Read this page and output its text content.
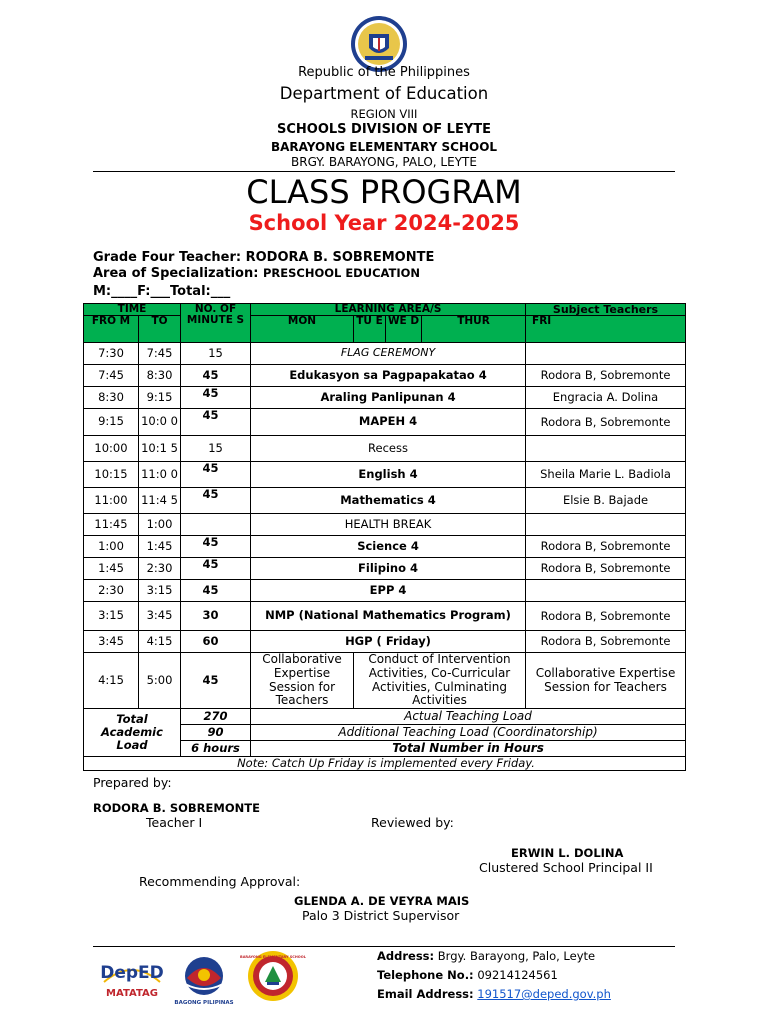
Republic of the Philippines
Department of Education
REGION VIII
SCHOOLS DIVISION OF LEYTE
BARAYONG ELEMENTARY SCHOOL
BRGY. BARAYONG, PALO, LEYTE
CLASS PROGRAM
School Year 2024-2025
Grade Four Teacher: RODORA B. SOBREMONTE
Area of Specialization: PRESCHOOL EDUCATION
M:____F:___Total:___
TIME		NO. OF MINUTE S	LEARNING AREA/S				Subject Teachers
FRO M	TO		MON	TU E	WE D	THUR	FRI
7:30	7:45	15	FLAG CEREMONY				
7:45	8:30	45	Edukasyon sa Pagpapakatao 4				Rodora B, Sobremonte
8:30	9:15	45	Araling Panlipunan 4				Engracia A. Dolina
9:15	10:0 0	45	MAPEH 4				Rodora B, Sobremonte
10:00	10:1 5	15	Recess				
10:15	11:0 0	45	English 4				Sheila Marie L. Badiola
11:00	11:4 5	45	Mathematics 4				Elsie B. Bajade
11:45	1:00		HEALTH BREAK				
1:00	1:45	45	Science 4				Rodora B, Sobremonte
1:45	2:30	45	Filipino 4				Rodora B, Sobremonte
2:30	3:15	45	EPP 4				
3:15	3:45	30	NMP (National Mathematics Program)				Rodora B, Sobremonte
3:45	4:15	60	HGP ( Friday)				Rodora B, Sobremonte
4:15	5:00	45	Collaborative Expertise Session for Teachers	Conduct of Intervention Activities, Co-Curricular Activities, Culminating Activities			Collaborative Expertise Session for Teachers
Total Academic Load		270	Actual Teaching Load				
		90	Additional Teaching Load (Coordinatorship)				
		6 hours	Total Number in Hours				
Note: Catch Up Friday is implemented every Friday.							
Prepared by:
RODORA B. SOBREMONTE
Teacher I	Reviewed by:
ERWIN L. DOLINA
Clustered School Principal II
Recommending Approval:
GLENDA A. DE VEYRA MAIS
Palo 3 District Supervisor
DepED
MATATAG
BAGONG PILIPINAS
BARAYONG ELEMENTARY SCHOOL	Address: Brgy. Barayong, Palo, Leyte
Telephone No.: 09214124561
Email Address: 191517@deped.gov.ph
